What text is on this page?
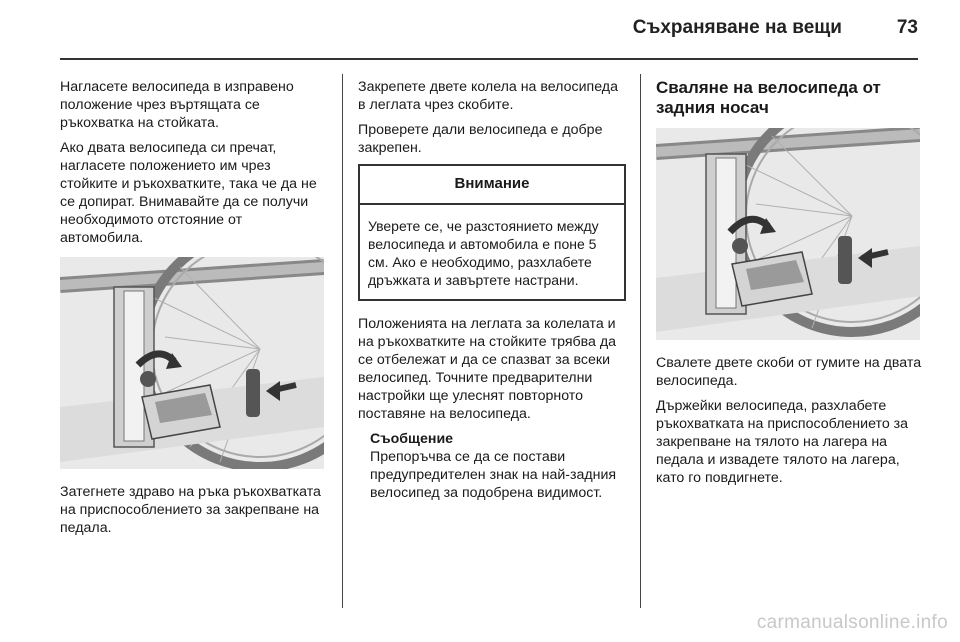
Съхраняване на вещи	73

Нагласете велосипеда в изправено положение чрез въртящата се ръкохватка на стойката.

Ако двата велосипеда си пречат, нагласете положението им чрез стойките и ръкохватките, така че да не се допират. Внимавайте да се получи необходимото отстояние от автомобила.

Затегнете здраво на ръка ръкохватката на приспособлението за закрепване на педала.

Закрепете двете колела на велосипеда в леглата чрез скобите.

Проверете дали велосипеда е добре закрепен.

Внимание
Уверете се, че разстоянието между велосипеда и автомобила е поне 5 см. Ако е необходимо, разхлабете дръжката и завъртете настрани.

Положенията на леглата за колелата и на ръкохватките на стойките трябва да се отбележат и да се спазват за всеки велосипед. Точните предварителни настройки ще улеснят повторното поставяне на велосипеда.

Съобщение
Препоръчва се да се постави предупредителен знак на най-задния велосипед за подобрена видимост.
Сваляне на велосипеда от задния носач

Свалете двете скоби от гумите на двата велосипеда.

Държейки велосипеда, разхлабете ръкохватката на приспособлението за закрепване на тялото на лагера на педала и извадете тялото на лагера, като го повдигнете.

carmanualsonline.info
